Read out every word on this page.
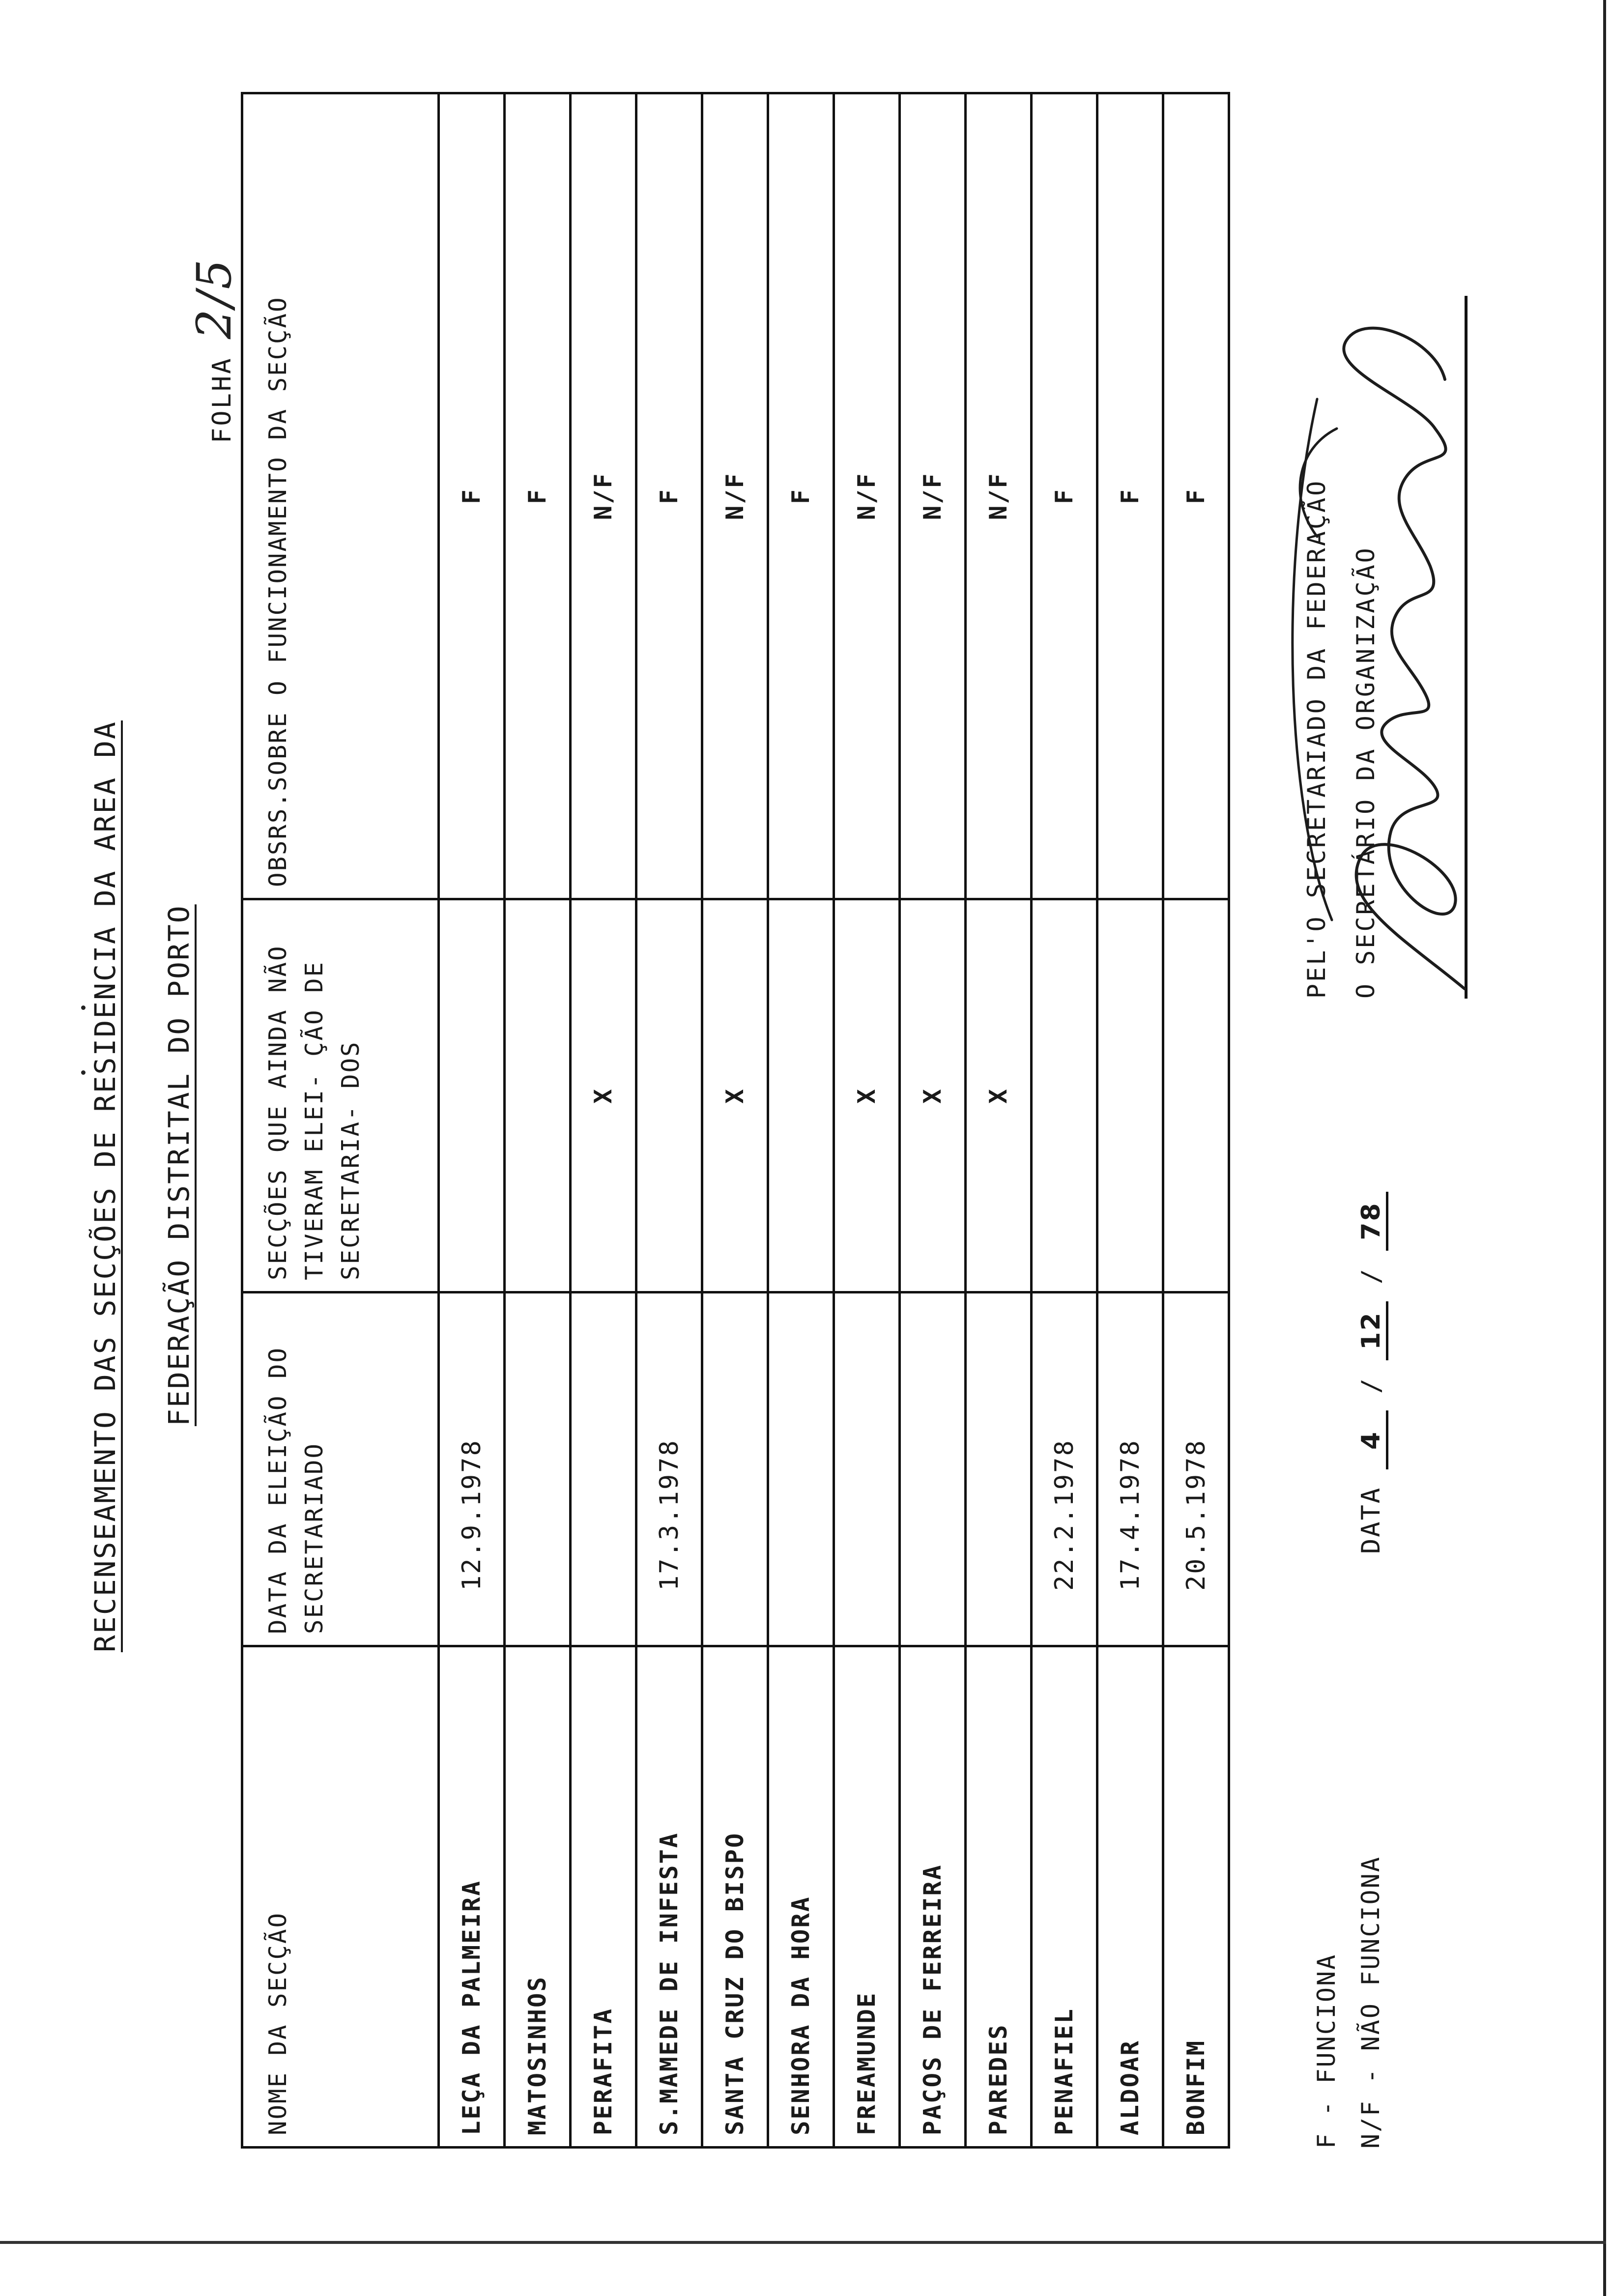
RECENSEAMENTO DAS SECÇÕES DE RESIDENCIA DA AREA DA FEDERAÇÃO DISTRITAL DO PORTO
FOLHA 2/5
NOME DA SECÇÃO	DATA DA ELEIÇÃO DO SECRETARIADO	SECÇÕES QUE AINDA NÃO TIVERAM ELEI- ÇÃO DE SECRETARIA- DOS	OBSRS.SOBRE O FUNCIONAMENTO DA SECÇÃO
LEÇA DA PALMEIRA	12.9.1978		F
MATOSINHOS			F
PERAFITA		X	N/F
S.MAMEDE DE INFESTA	17.3.1978		F
SANTA CRUZ DO BISPO		X	N/F
SENHORA DA HORA			F
FREAMUNDE		X	N/F
PAÇOS DE FERREIRA		X	N/F
PAREDES		X	N/F
PENAFIEL	22.2.1978		F
ALDOAR	17.4.1978		F
BONFIM	20.5.1978		F
F - FUNCIONA N/F - NÃO FUNCIONA
DATA 4 / 12 / 78
PEL'O SECRETARIADO DA FEDERAÇÃO O SECRETÁRIO DA ORGANIZAÇÃO
